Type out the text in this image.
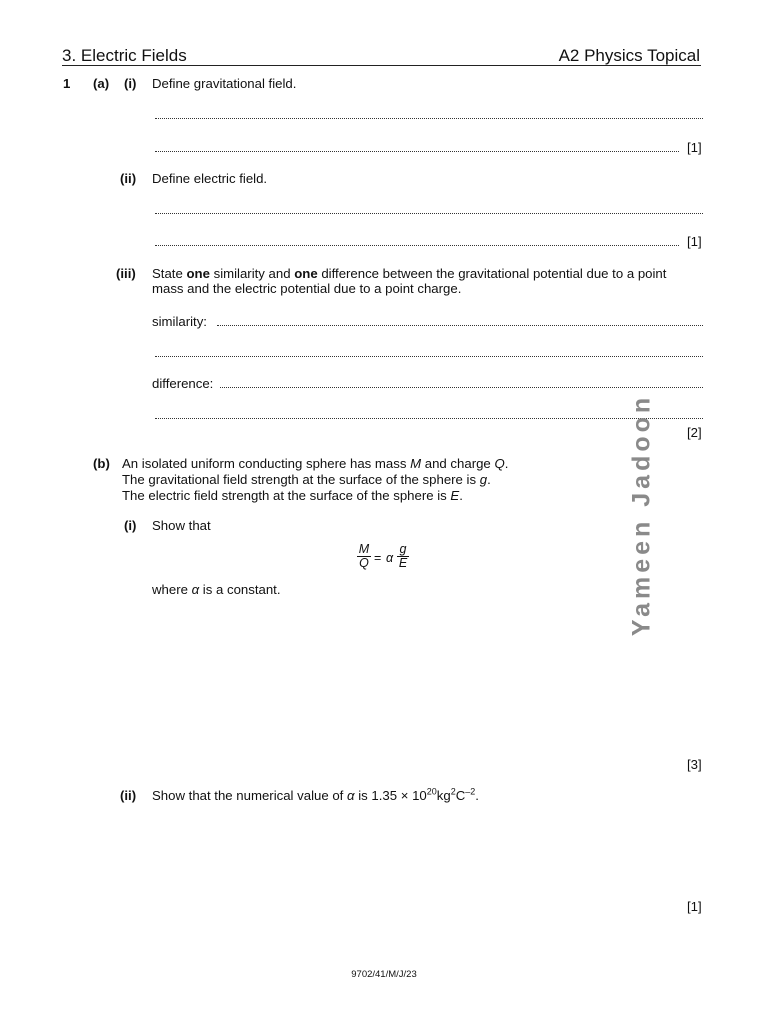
3. Electric Fields	A2 Physics Topical
1 (a) (i) Define gravitational field.
[1]
(ii) Define electric field.
[1]
(iii) State one similarity and one difference between the gravitational potential due to a point
mass and the electric potential due to a point charge.
similarity:
difference:
[2]
(b) An isolated uniform conducting sphere has mass M and charge Q.
The gravitational field strength at the surface of the sphere is g.
The electric field strength at the surface of the sphere is E.
(i) Show that
M
Q = α
g
E
where α is a constant.
[3]
(ii) Show that the numerical value of α is $1.35 \times 10^{20}kg^2C^{-2}$.
[1]
Yameen Jadoon
9702/41/M/J/23
